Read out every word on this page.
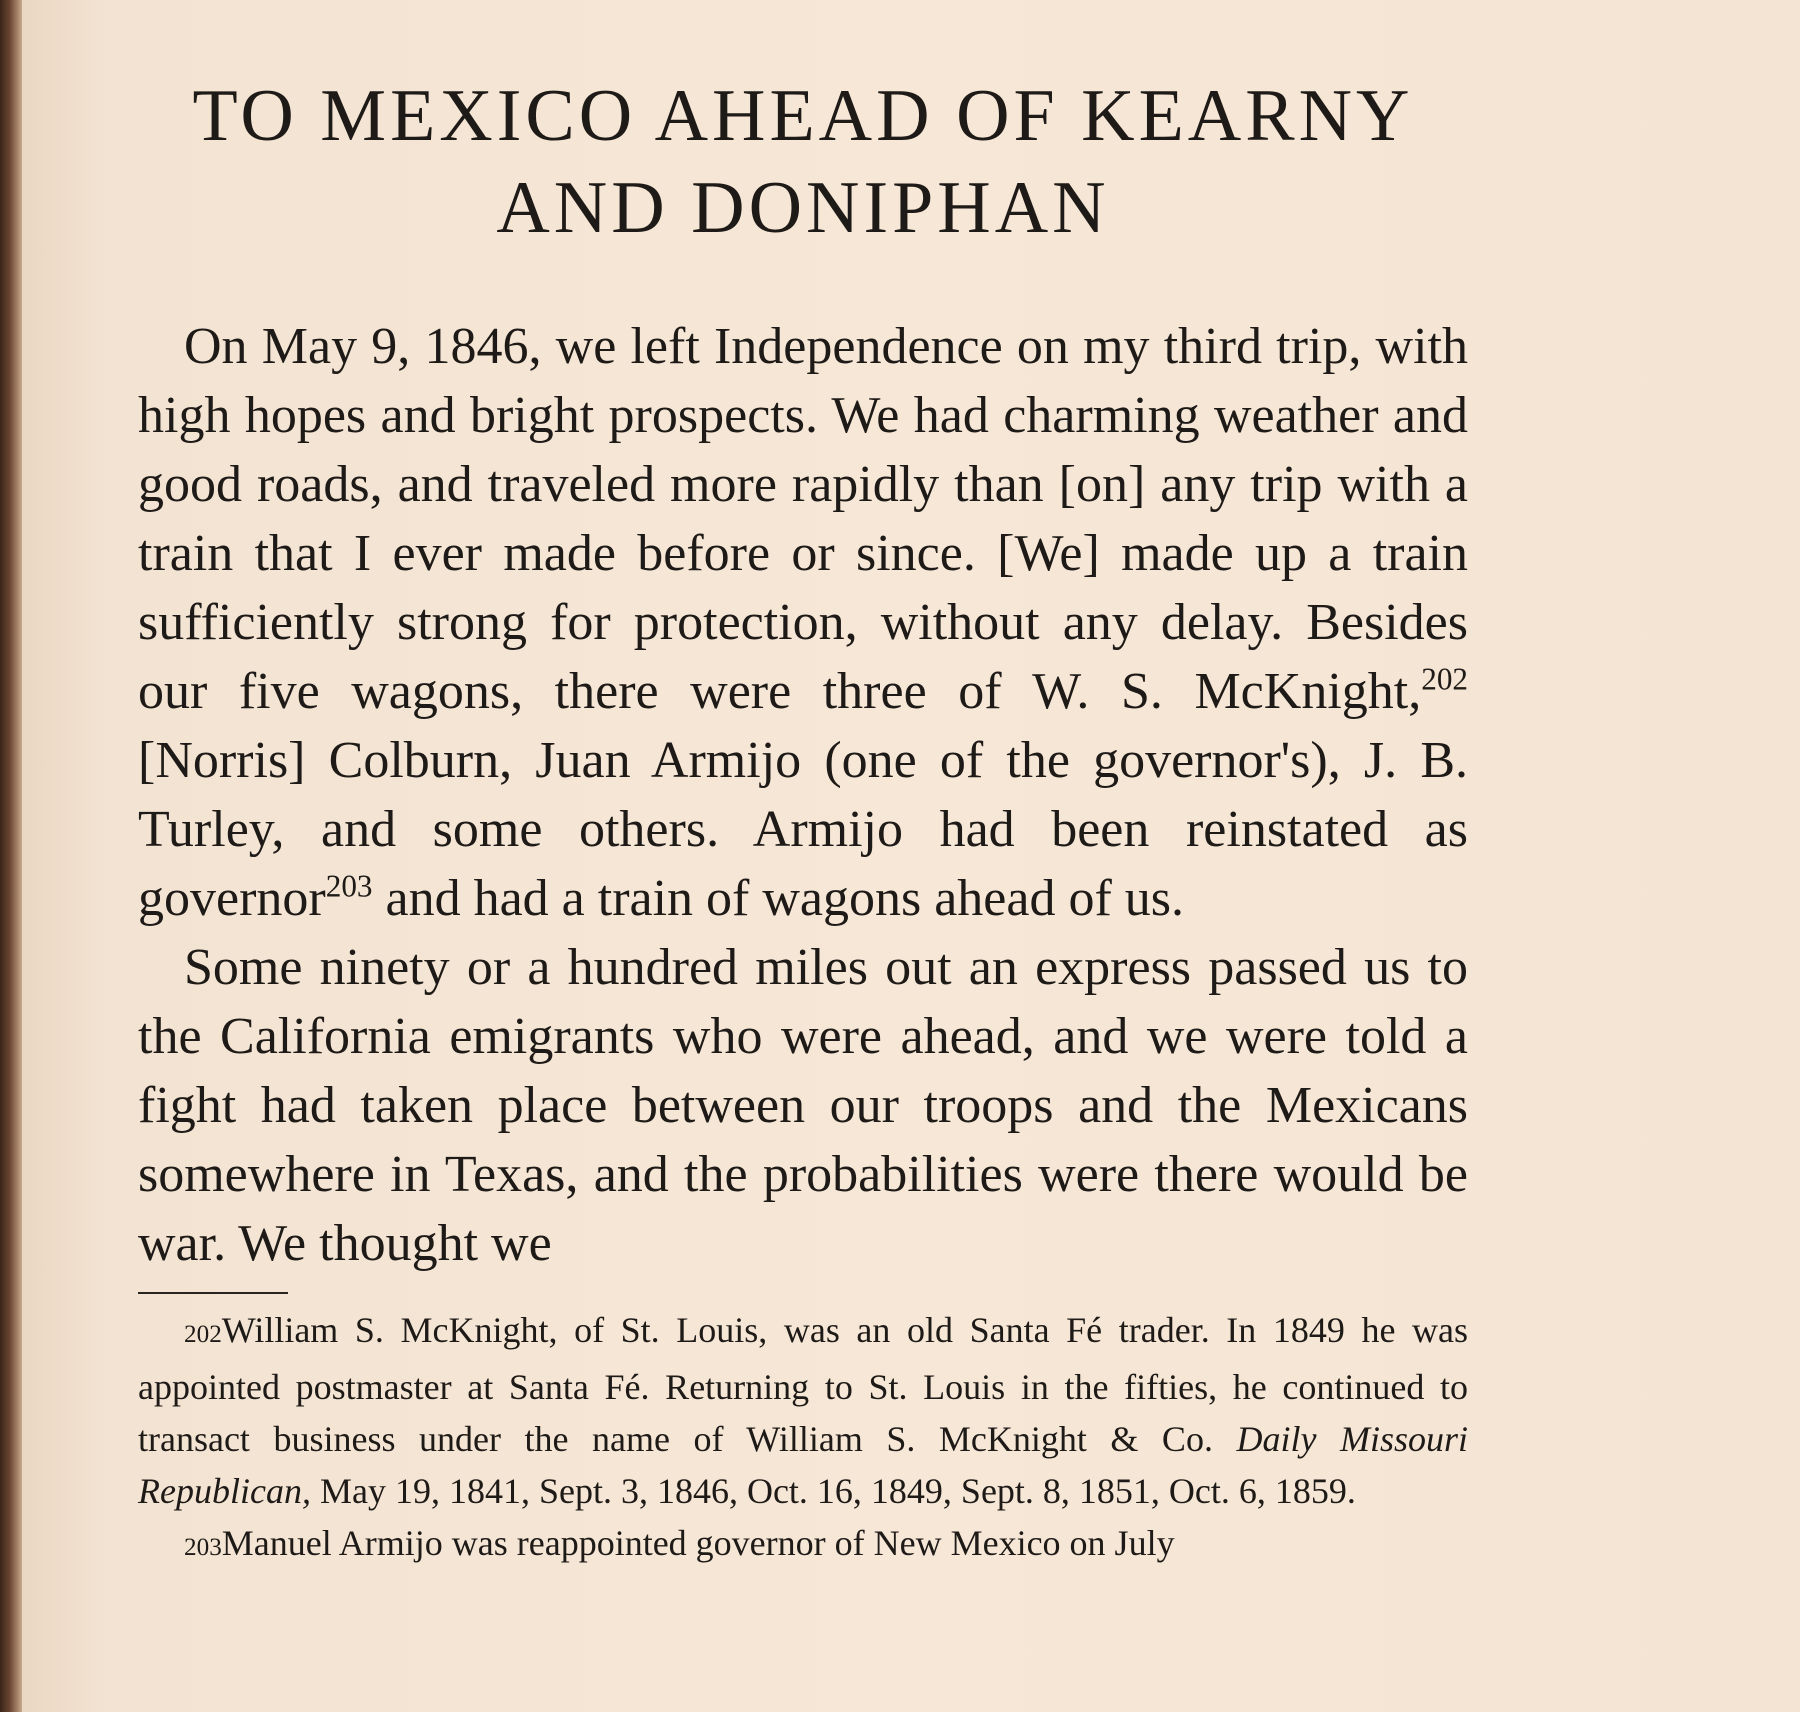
TO MEXICO AHEAD OF KEARNY
AND DONIPHAN

On May 9, 1846, we left Independence on my third trip, with high hopes and bright prospects. We had charming weather and good roads, and traveled more rapidly than [on] any trip with a train that I ever made before or since. [We] made up a train sufficiently strong for protection, without any delay. Besides our five wagons, there were three of W. S. McKnight,$^{202}$ [Norris] Colburn, Juan Armijo (one of the governor's), J. B. Turley, and some others. Armijo had been reinstated as governor$^{203}$ and had a train of wagons ahead of us.

Some ninety or a hundred miles out an express passed us to the California emigrants who were ahead, and we were told a fight had taken place between our troops and the Mexicans somewhere in Texas, and the probabilities were there would be war. We thought we

202William S. McKnight, of St. Louis, was an old Santa Fé trader. In 1849 he was appointed postmaster at Santa Fé. Returning to St. Louis in the fifties, he continued to transact business under the name of William S. McKnight & Co. Daily Missouri Republican, May 19, 1841, Sept. 3, 1846, Oct. 16, 1849, Sept. 8, 1851, Oct. 6, 1859.

203Manuel Armijo was reappointed governor of New Mexico on July
